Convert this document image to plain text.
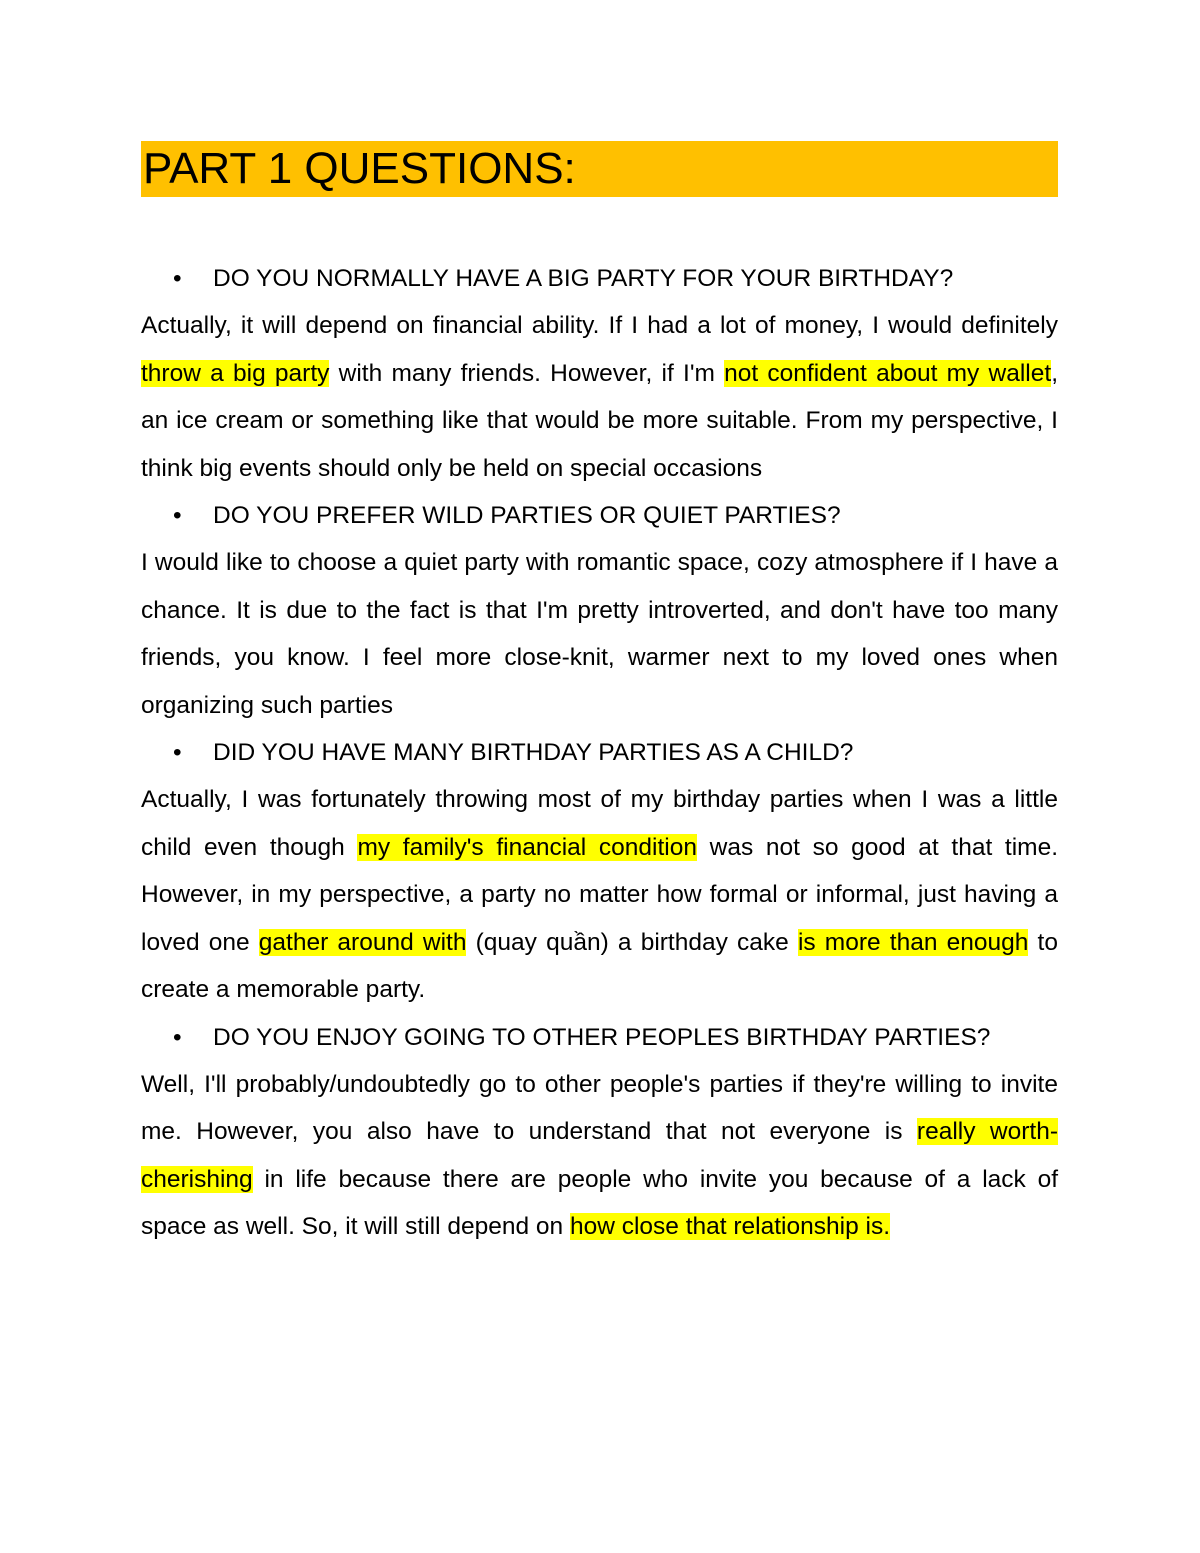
PART 1 QUESTIONS:
• DO YOU NORMALLY HAVE A BIG PARTY FOR YOUR BIRTHDAY?
Actually, it will depend on financial ability. If I had a lot of money, I would definitely throw a big party with many friends. However, if I'm not confident about my wallet, an ice cream or something like that would be more suitable. From my perspective, I think big events should only be held on special occasions
• DO YOU PREFER WILD PARTIES OR QUIET PARTIES?
I would like to choose a quiet party with romantic space, cozy atmosphere if I have a chance. It is due to the fact is that I'm pretty introverted, and don't have too many friends, you know. I feel more close-knit, warmer next to my loved ones when organizing such parties
• DID YOU HAVE MANY BIRTHDAY PARTIES AS A CHILD?
Actually, I was fortunately throwing most of my birthday parties when I was a little child even though my family's financial condition was not so good at that time. However, in my perspective, a party no matter how formal or informal, just having a loved one gather around with (quay quần) a birthday cake is more than enough to create a memorable party.
• DO YOU ENJOY GOING TO OTHER PEOPLES BIRTHDAY PARTIES?
Well, I'll probably/undoubtedly go to other people's parties if they're willing to invite me. However, you also have to understand that not everyone is really worth-cherishing in life because there are people who invite you because of a lack of space as well. So, it will still depend on how close that relationship is.
